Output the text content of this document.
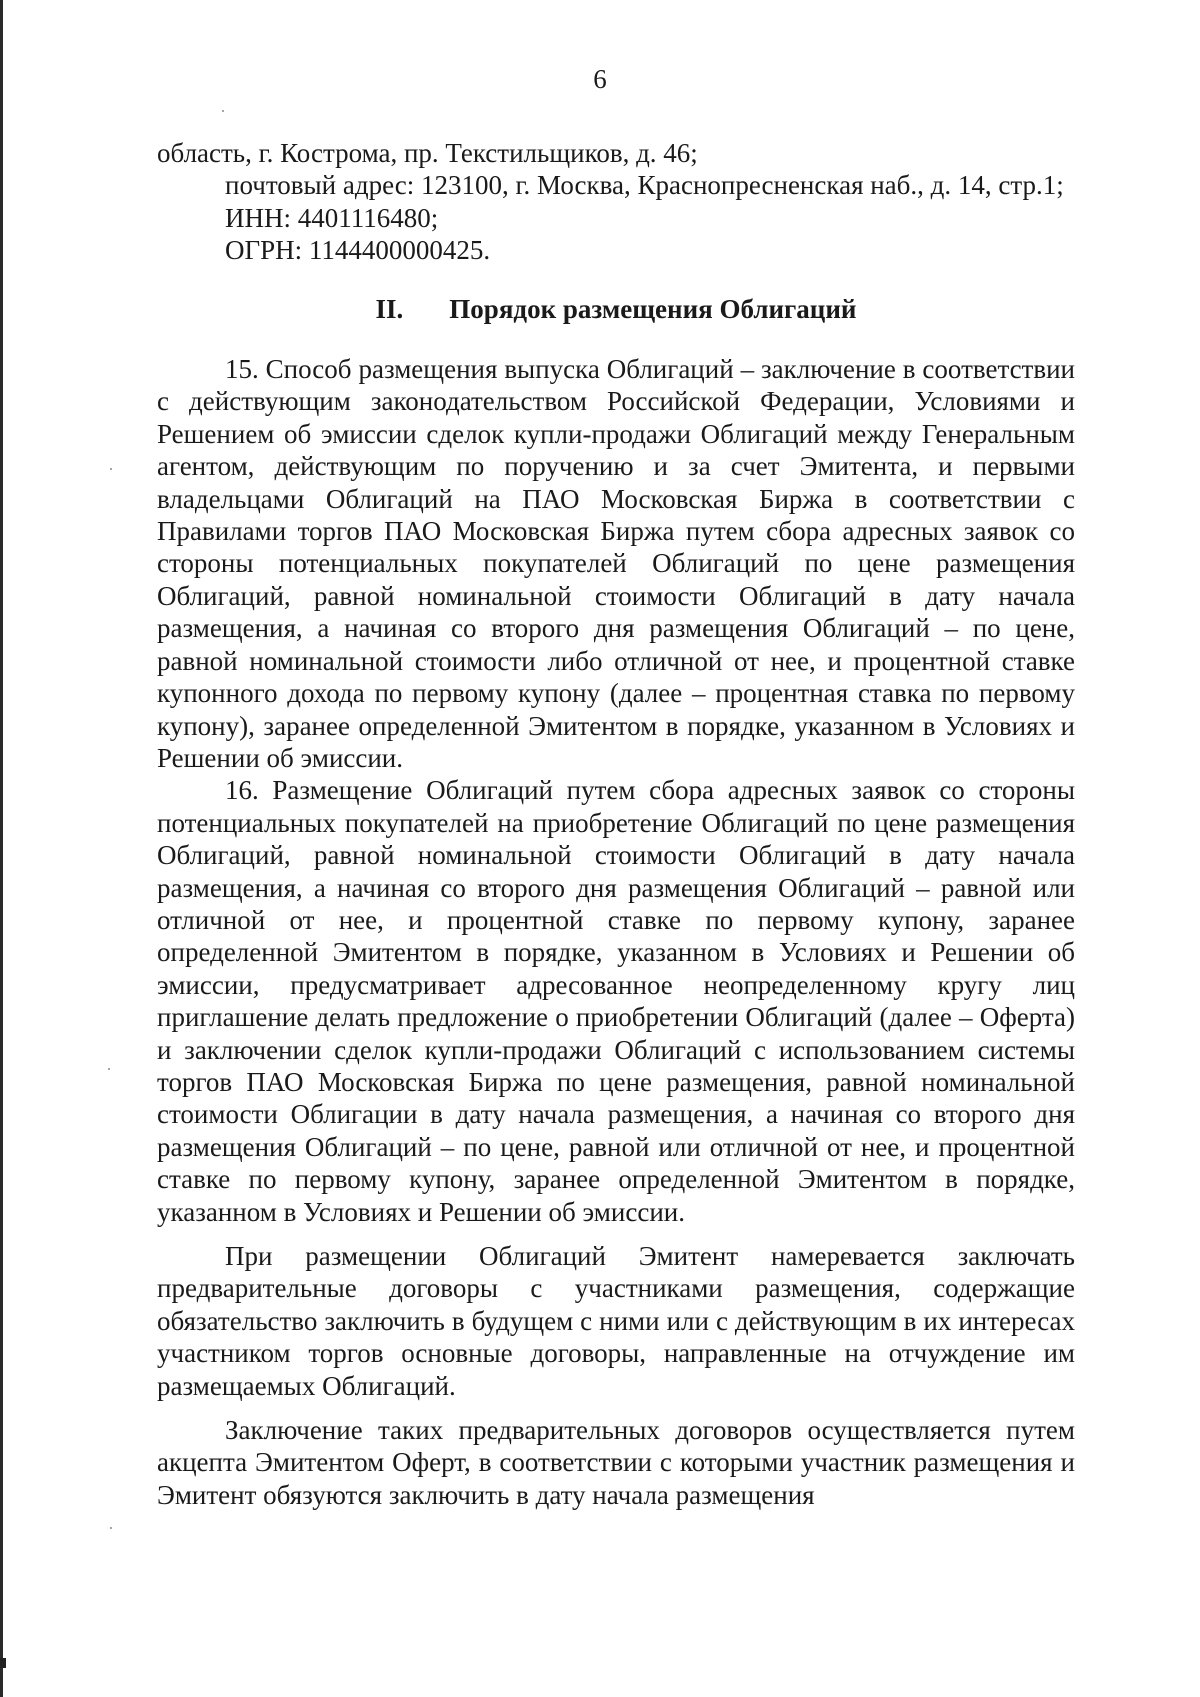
6

область, г. Кострома, пр. Текстильщиков, д. 46;

почтовый адрес: 123100, г. Москва, Краснопресненская наб., д. 14, стр.1;

ИНН: 4401116480;

ОГРН: 1144400000425.

II. Порядок размещения Облигаций

15. Способ размещения выпуска Облигаций – заключение в соответствии с действующим законодательством Российской Федерации, Условиями и Решением об эмиссии сделок купли-продажи Облигаций между Генеральным агентом, действующим по поручению и за счет Эмитента, и первыми владельцами Облигаций на ПАО Московская Биржа в соответствии с Правилами торгов ПАО Московская Биржа путем сбора адресных заявок со стороны потенциальных покупателей Облигаций по цене размещения Облигаций, равной номинальной стоимости Облигаций в дату начала размещения, а начиная со второго дня размещения Облигаций – по цене, равной номинальной стоимости либо отличной от нее, и процентной ставке купонного дохода по первому купону (далее – процентная ставка по первому купону), заранее определенной Эмитентом в порядке, указанном в Условиях и Решении об эмиссии.

16. Размещение Облигаций путем сбора адресных заявок со стороны потенциальных покупателей на приобретение Облигаций по цене размещения Облигаций, равной номинальной стоимости Облигаций в дату начала размещения, а начиная со второго дня размещения Облигаций – равной или отличной от нее, и процентной ставке по первому купону, заранее определенной Эмитентом в порядке, указанном в Условиях и Решении об эмиссии, предусматривает адресованное неопределенному кругу лиц приглашение делать предложение о приобретении Облигаций (далее – Оферта) и заключении сделок купли-продажи Облигаций с использованием системы торгов ПАО Московская Биржа по цене размещения, равной номинальной стоимости Облигации в дату начала размещения, а начиная со второго дня размещения Облигаций – по цене, равной или отличной от нее, и процентной ставке по первому купону, заранее определенной Эмитентом в порядке, указанном в Условиях и Решении об эмиссии.

При размещении Облигаций Эмитент намеревается заключать предварительные договоры с участниками размещения, содержащие обязательство заключить в будущем с ними или с действующим в их интересах участником торгов основные договоры, направленные на отчуждение им размещаемых Облигаций.

Заключение таких предварительных договоров осуществляется путем акцепта Эмитентом Оферт, в соответствии с которыми участник размещения и Эмитент обязуются заключить в дату начала размещения
